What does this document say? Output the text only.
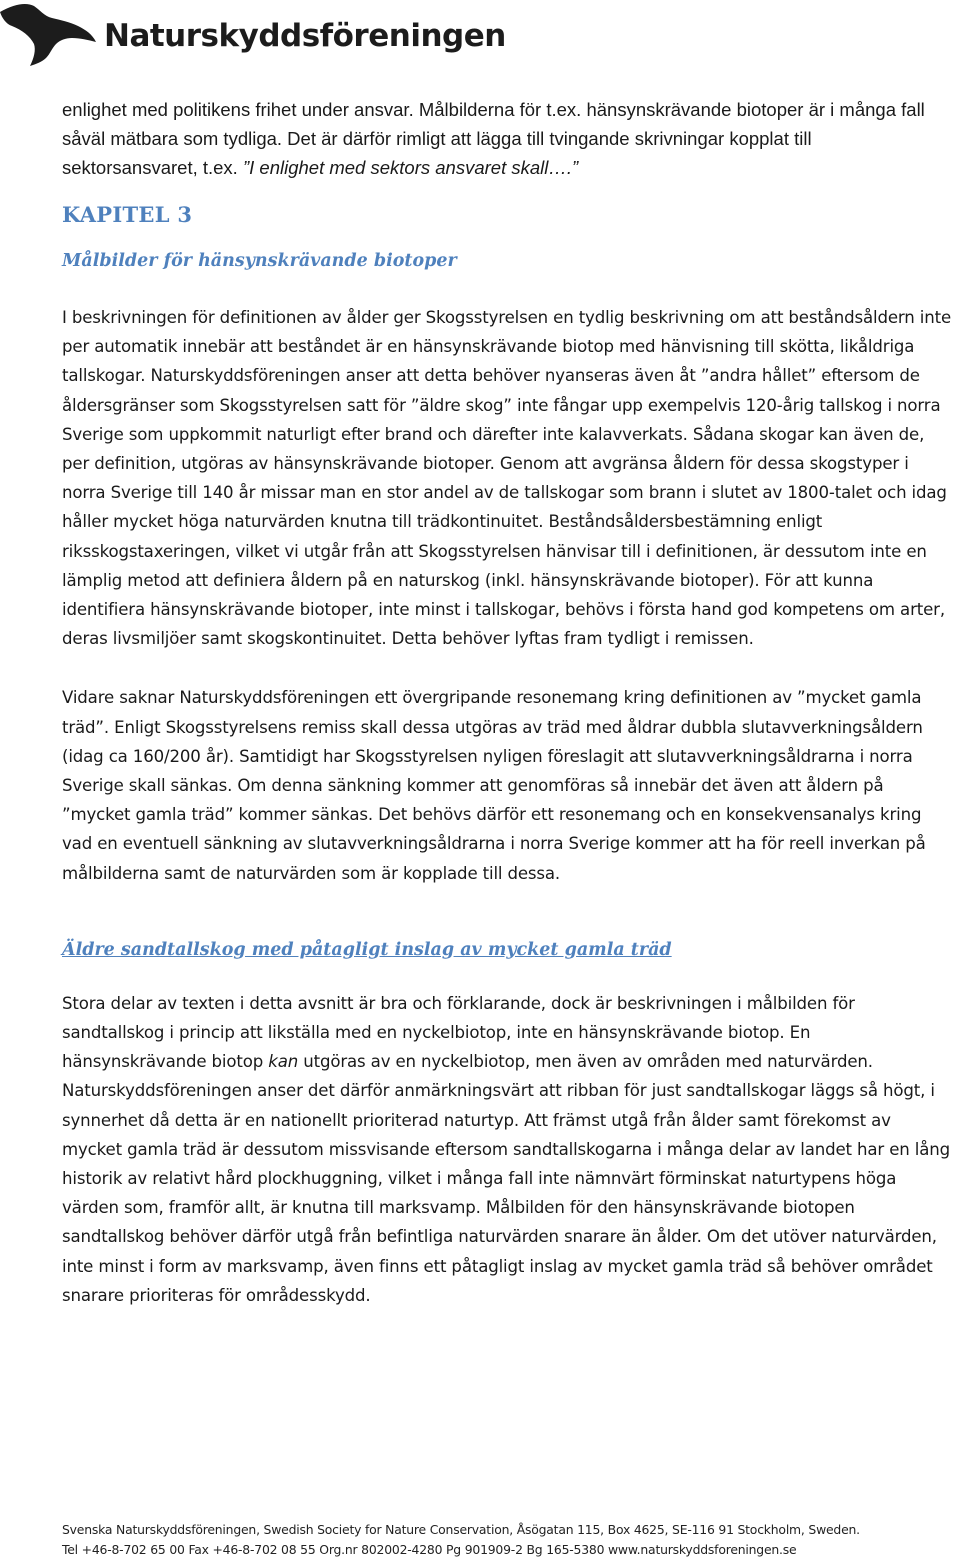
Naturskyddsföreningen

enlighet med politikens frihet under ansvar. Målbilderna för t.ex. hänsynskrävande biotoper är i många fall såväl mätbara som tydliga. Det är därför rimligt att lägga till tvingande skrivningar kopplat till sektorsansvaret, t.ex. ”I enlighet med sektors ansvaret skall….”

KAPITEL 3
Målbilder för hänsynskrävande biotoper

I beskrivningen för definitionen av ålder ger Skogsstyrelsen en tydlig beskrivning om att beståndsåldern inte per automatik innebär att beståndet är en hänsynskrävande biotop med hänvisning till skötta, likåldriga tallskogar. Naturskyddsföreningen anser att detta behöver nyanseras även åt ”andra hållet” eftersom de åldersgränser som Skogsstyrelsen satt för ”äldre skog” inte fångar upp exempelvis 120-årig tallskog i norra Sverige som uppkommit naturligt efter brand och därefter inte kalavverkats. Sådana skogar kan även de, per definition, utgöras av hänsynskrävande biotoper. Genom att avgränsa åldern för dessa skogstyper i norra Sverige till 140 år missar man en stor andel av de tallskogar som brann i slutet av 1800-talet och idag håller mycket höga naturvärden knutna till trädkontinuitet. Beståndsåldersbestämning enligt riksskogstaxeringen, vilket vi utgår från att Skogsstyrelsen hänvisar till i definitionen, är dessutom inte en lämplig metod att definiera åldern på en naturskog (inkl. hänsynskrävande biotoper). För att kunna identifiera hänsynskrävande biotoper, inte minst i tallskogar, behövs i första hand god kompetens om arter, deras livsmiljöer samt skogskontinuitet. Detta behöver lyftas fram tydligt i remissen.

Vidare saknar Naturskyddsföreningen ett övergripande resonemang kring definitionen av ”mycket gamla träd”. Enligt Skogsstyrelsens remiss skall dessa utgöras av träd med åldrar dubbla slutavverkningsåldern (idag ca 160/200 år). Samtidigt har Skogsstyrelsen nyligen föreslagit att slutavverkningsåldrarna i norra Sverige skall sänkas. Om denna sänkning kommer att genomföras så innebär det även att åldern på ”mycket gamla träd” kommer sänkas. Det behövs därför ett resonemang och en konsekvensanalys kring vad en eventuell sänkning av slutavverkningsåldrarna i norra Sverige kommer att ha för reell inverkan på målbilderna samt de naturvärden som är kopplade till dessa.

Äldre sandtallskog med påtagligt inslag av mycket gamla träd

Stora delar av texten i detta avsnitt är bra och förklarande, dock är beskrivningen i målbilden för sandtallskog i princip att likställa med en nyckelbiotop, inte en hänsynskrävande biotop. En hänsynskrävande biotop kan utgöras av en nyckelbiotop, men även av områden med naturvärden. Naturskyddsföreningen anser det därför anmärkningsvärt att ribban för just sandtallskogar läggs så högt, i synnerhet då detta är en nationellt prioriterad naturtyp. Att främst utgå från ålder samt förekomst av mycket gamla träd är dessutom missvisande eftersom sandtallskogarna i många delar av landet har en lång historik av relativt hård plockhuggning, vilket i många fall inte nämnvärt förminskat naturtypens höga värden som, framför allt, är knutna till marksvamp. Målbilden för den hänsynskrävande biotopen sandtallskog behöver därför utgå från befintliga naturvärden snarare än ålder. Om det utöver naturvärden, inte minst i form av marksvamp, även finns ett påtagligt inslag av mycket gamla träd så behöver området snarare prioriteras för områdesskydd.

Svenska Naturskyddsföreningen, Swedish Society for Nature Conservation, Åsögatan 115, Box 4625, SE-116 91 Stockholm, Sweden.
Tel +46-8-702 65 00 Fax +46-8-702 08 55 Org.nr 802002-4280 Pg 901909-2 Bg 165-5380 www.naturskyddsforeningen.se
